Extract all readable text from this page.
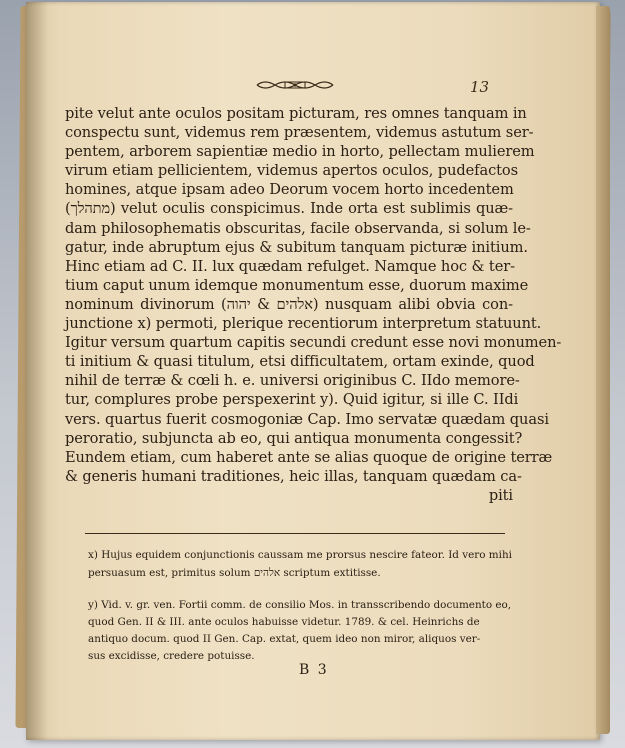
13
pite velut ante oculos positam picturam, res omnes tanquam in
conspectu sunt, videmus rem præsentem, videmus astutum ser-
pentem, arborem sapientiæ medio in horto, pellectam mulierem
virum etiam pellicientem, videmus apertos oculos, pudefactos
homines, atque ipsam adeo Deorum vocem horto incedentem
(מתהלך) velut oculis conspicimus. Inde orta est sublimis quæ-
dam philosophematis obscuritas, facile observanda, si solum le-
gatur, inde abruptum ejus & subitum tanquam picturæ initium.
Hinc etiam ad C. II. lux quædam refulget. Namque hoc & ter-
tium caput unum idemque monumentum esse, duorum maxime
nominum divinorum (אלהים & יהוה) nusquam alibi obvia con-
junctione x) permoti, plerique recentiorum interpretum statuunt.
Igitur versum quartum capitis secundi credunt esse novi monumen-
ti initium & quasi titulum, etsi difficultatem, ortam exinde, quod
nihil de terræ & cœli h. e. universi originibus C. IIdo memore-
tur, complures probe perspexerint y). Quid igitur, si ille C. IIdi
vers. quartus fuerit cosmogoniæ Cap. Imo servatæ quædam quasi
peroratio, subjuncta ab eo, qui antiqua monumenta congessit?
Eundem etiam, cum haberet ante se alias quoque de origine terræ
& generis humani traditiones, heic illas, tanquam quædam ca-
piti
x) Hujus equidem conjunctionis caussam me prorsus nescire fateor. Id vero mihi
persuasum est, primitus solum אלהים scriptum extitisse.
y) Vid. v. gr. ven. Fortii comm. de consilio Mos. in transscribendo documento eo,
quod Gen. II & III. ante oculos habuisse videtur. 1789. & cel. Heinrichs de
antiquo docum. quod II Gen. Cap. extat, quem ideo non miror, aliquos ver-
sus excidisse, credere potuisse.
B 3
